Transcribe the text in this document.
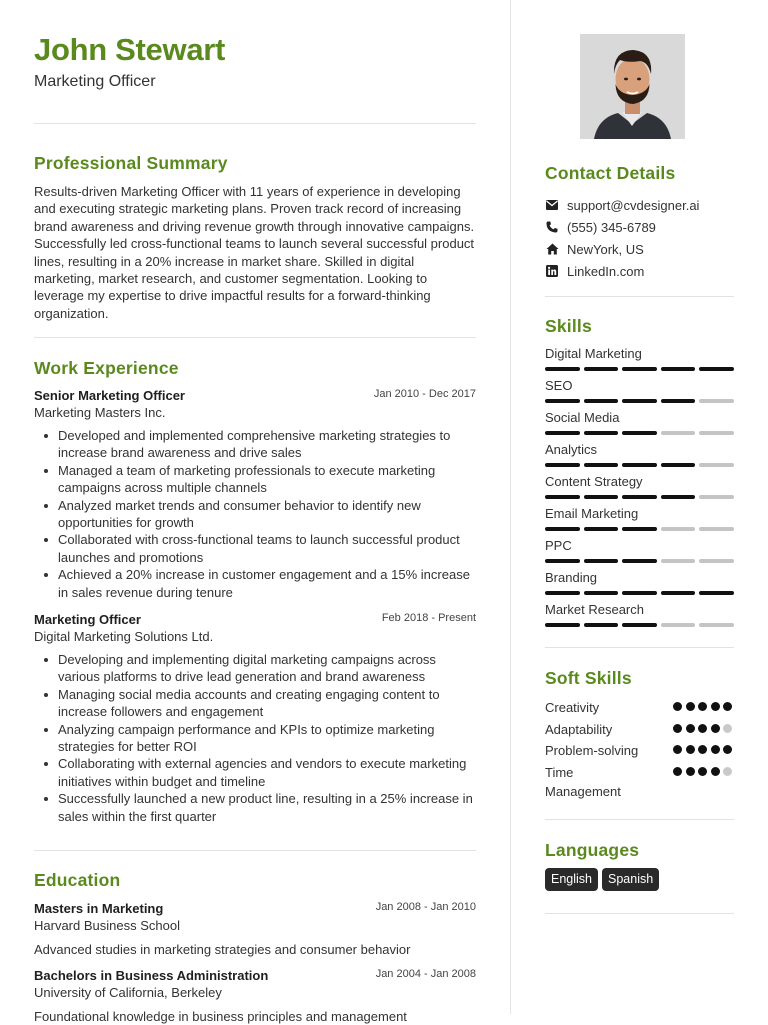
John Stewart
Marketing Officer
Professional Summary
Results-driven Marketing Officer with 11 years of experience in developing and executing strategic marketing plans. Proven track record of increasing brand awareness and driving revenue growth through innovative campaigns. Successfully led cross-functional teams to launch several successful product lines, resulting in a 20% increase in market share. Skilled in digital marketing, market research, and customer segmentation. Looking to leverage my expertise to drive impactful results for a forward-thinking organization.
Work Experience
Senior Marketing Officer	Jan 2010 - Dec 2017
Marketing Masters Inc.
Developed and implemented comprehensive marketing strategies to increase brand awareness and drive sales
Managed a team of marketing professionals to execute marketing campaigns across multiple channels
Analyzed market trends and consumer behavior to identify new opportunities for growth
Collaborated with cross-functional teams to launch successful product launches and promotions
Achieved a 20% increase in customer engagement and a 15% increase in sales revenue during tenure
Marketing Officer	Feb 2018 - Present
Digital Marketing Solutions Ltd.
Developing and implementing digital marketing campaigns across various platforms to drive lead generation and brand awareness
Managing social media accounts and creating engaging content to increase followers and engagement
Analyzing campaign performance and KPIs to optimize marketing strategies for better ROI
Collaborating with external agencies and vendors to execute marketing initiatives within budget and timeline
Successfully launched a new product line, resulting in a 25% increase in sales within the first quarter
Education
Masters in Marketing	Jan 2008 - Jan 2010
Harvard Business School
Advanced studies in marketing strategies and consumer behavior
Bachelors in Business Administration	Jan 2004 - Jan 2008
University of California, Berkeley
Foundational knowledge in business principles and management
Contact Details
support@cvdesigner.ai
(555) 345-6789
NewYork, US
LinkedIn.com
Skills
Digital Marketing
SEO
Social Media
Analytics
Content Strategy
Email Marketing
PPC
Branding
Market Research
Soft Skills
Creativity
Adaptability
Problem-solving
Time Management
Languages
English	Spanish
